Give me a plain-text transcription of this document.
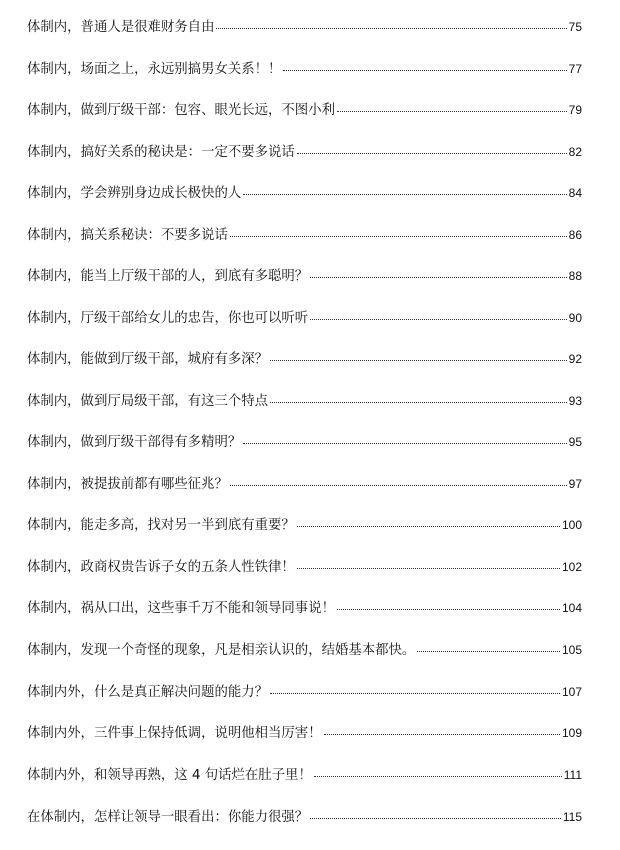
体制内，普通人是很难财务自由	75
体制内，场面之上，永远别搞男女关系！！	77
体制内，做到厅级干部：包容、眼光长远，不图小利	79
体制内，搞好关系的秘诀是：一定不要多说话	82
体制内，学会辨别身边成长极快的人	84
体制内，搞关系秘诀：不要多说话	86
体制内，能当上厅级干部的人，到底有多聪明？	88
体制内，厅级干部给女儿的忠告，你也可以听听	90
体制内，能做到厅级干部，城府有多深？	92
体制内，做到厅局级干部，有这三个特点	93
体制内，做到厅级干部得有多精明？	95
体制内，被提拔前都有哪些征兆？	97
体制内，能走多高，找对另一半到底有重要？	100
体制内，政商权贵告诉子女的五条人性铁律！	102
体制内，祸从口出，这些事千万不能和领导同事说！	104
体制内，发现一个奇怪的现象，凡是相亲认识的，结婚基本都快。	105
体制内外，什么是真正解决问题的能力？	107
体制内外，三件事上保持低调，说明他相当厉害！	109
体制内外，和领导再熟，这 4 句话烂在肚子里！	111
在体制内，怎样让领导一眼看出：你能力很强？	115
